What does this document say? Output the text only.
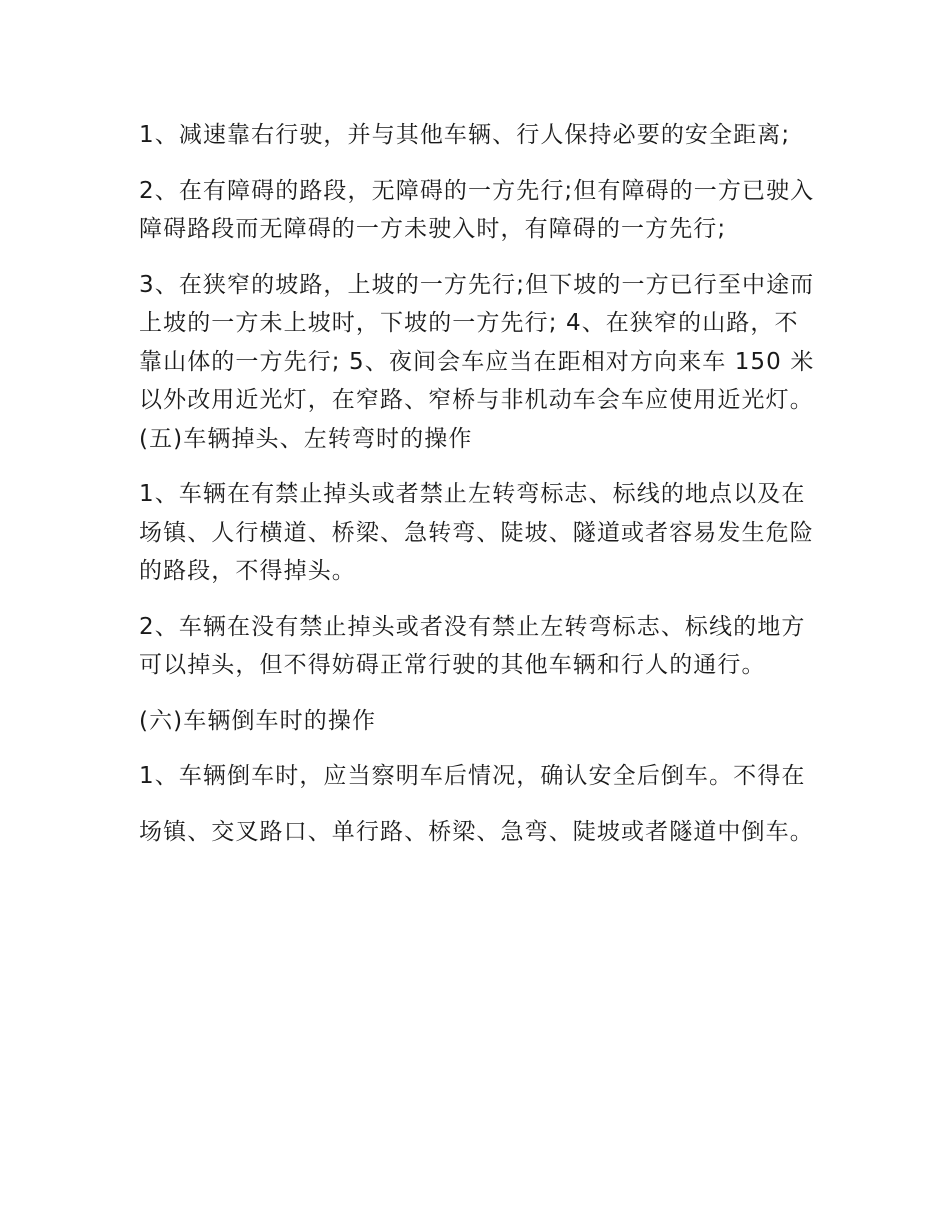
1、减速靠右行驶，并与其他车辆、行人保持必要的安全距离;

2、在有障碍的路段，无障碍的一方先行;但有障碍的一方已驶入障碍路段而无障碍的一方未驶入时，有障碍的一方先行;

3、在狭窄的坡路，上坡的一方先行;但下坡的一方已行至中途而上坡的一方未上坡时，下坡的一方先行; 4、在狭窄的山路，不靠山体的一方先行; 5、夜间会车应当在距相对方向来车 150 米以外改用近光灯，在窄路、窄桥与非机动车会车应使用近光灯。 (五)车辆掉头、左转弯时的操作

1、车辆在有禁止掉头或者禁止左转弯标志、标线的地点以及在场镇、人行横道、桥梁、急转弯、陡坡、隧道或者容易发生危险的路段，不得掉头。

2、车辆在没有禁止掉头或者没有禁止左转弯标志、标线的地方可以掉头，但不得妨碍正常行驶的其他车辆和行人的通行。

(六)车辆倒车时的操作

1、车辆倒车时，应当察明车后情况，确认安全后倒车。不得在

场镇、交叉路口、单行路、桥梁、急弯、陡坡或者隧道中倒车。
